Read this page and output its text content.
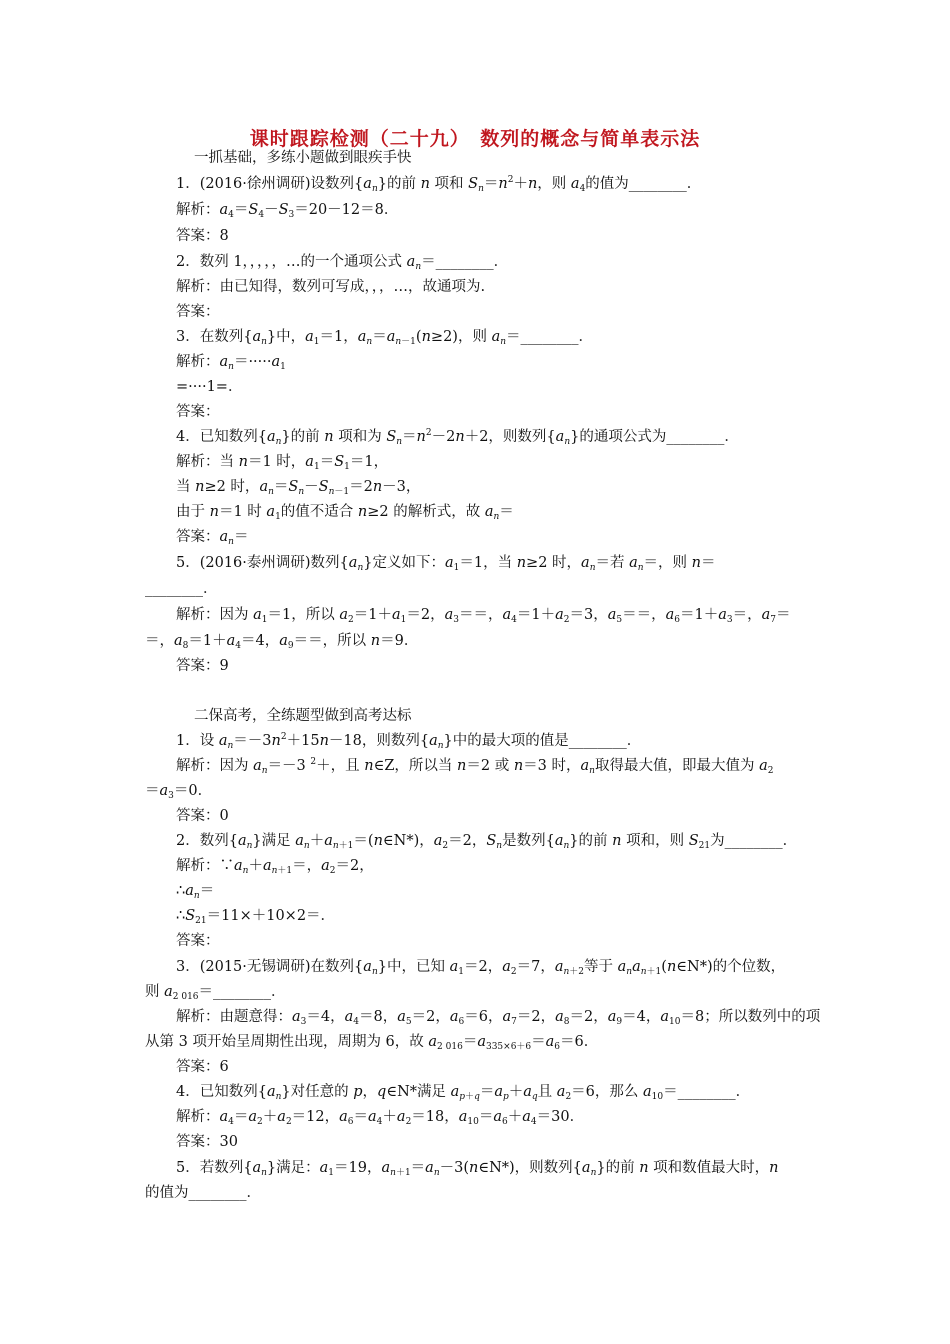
课时跟踪检测（二十九）　数列的概念与简单表示法
一抓基础，多练小题做到眼疾手快
1．(2016·徐州调研)设数列$\{a_n\}$的前 n 项和 $S_n=n^2+n$，则 $a_4$的值为________．
解析：$a_4=S_4-S_3=20-12=8$．
答案：8
2．数列 1，，，，，…的一个通项公式 $a_n=\_\_\_\_\_\_\_\_$．
解析：由已知得，数列可写成，，，…，故通项为.
答案：
3．在数列$\{a_n\}$中，$a_1=1$，$a_n=a_{n-1}(n\ge 2)$，则 $a_n=\_\_\_\_\_\_\_\_$．
解析：$a_n=\cdot\cdot\cdot\cdot\cdot a_1$
=····1=．
答案：
4．已知数列$\{a_n\}$的前 n 项和为 $S_n=n^2-2n+2$，则数列$\{a_n\}$的通项公式为________．
解析：当 n＝1 时，$a_1=S_1=1$，
当 n≥2 时，$a_n=S_n-S_{n-1}=2n-3$，
由于 n＝1 时 $a_1$的值不适合 n≥2 的解析式，故 $a_n=$
答案：$a_n=$
5．(2016·泰州调研)数列$\{a_n\}$定义如下：$a_1=1$，当 n≥2 时，$a_n=$若 $a_n=$，则 n＝
________．
解析：因为 $a_1=1$，所以 $a_2=1+a_1=2$，$a_3==$，$a_4=1+a_2=3$，$a_5==$，$a_6=1+a_3=$，$a_7=$
＝，$a_8=1+a_4=4$，$a_9==$，所以 n＝9．
答案：9
二保高考，全练题型做到高考达标
1．设 $a_n=-3n^2+15n-18$，则数列$\{a_n\}$中的最大项的值是________．
解析：因为 $a_n=-3$ $^2$＋，且 n∈Z，所以当 n＝2 或 n＝3 时，$a_n$取得最大值，即最大值为 $a_2$
$=a_3=0$．
答案：0
2．数列$\{a_n\}$满足 $a_n+a_{n+1}=(n\in N*)$，$a_2=2$，$S_n$是数列$\{a_n\}$的前 n 项和，则 $S_{21}$为________．
解析：$\because a_n+a_{n+1}=$，$a_2=2$，
$\therefore a_n=$
$\therefore S_{21}=11\times+10\times 2=$．
答案：
3．(2015·无锡调研)在数列$\{a_n\}$中，已知 $a_1=2$，$a_2=7$，$a_{n+2}$等于 $a_na_{n+1}(n\in N*)$的个位数，
则 $a_{2 016}=\_\_\_\_\_\_\_\_$．
解析：由题意得：$a_3=4$，$a_4=8$，$a_5=2$，$a_6=6$，$a_7=2$，$a_8=2$，$a_9=4$，$a_{10}=8$；所以数列中的项
从第 3 项开始呈周期性出现，周期为 6，故 $a_{2 016}=a_{335\times 6+6}=a_6=6$．
答案：6
4．已知数列$\{a_n\}$对任意的 p，q∈N*满足 $a_{p+q}=a_p+a_q$且 $a_2=6$，那么 $a_{10}=\_\_\_\_\_\_\_\_$．
解析：$a_4=a_2+a_2=12$，$a_6=a_4+a_2=18$，$a_{10}=a_6+a_4=30$．
答案：30
5．若数列$\{a_n\}$满足：$a_1=19$，$a_{n+1}=a_n-3(n\in N*)$，则数列$\{a_n\}$的前 n 项和数值最大时，n
的值为________．
